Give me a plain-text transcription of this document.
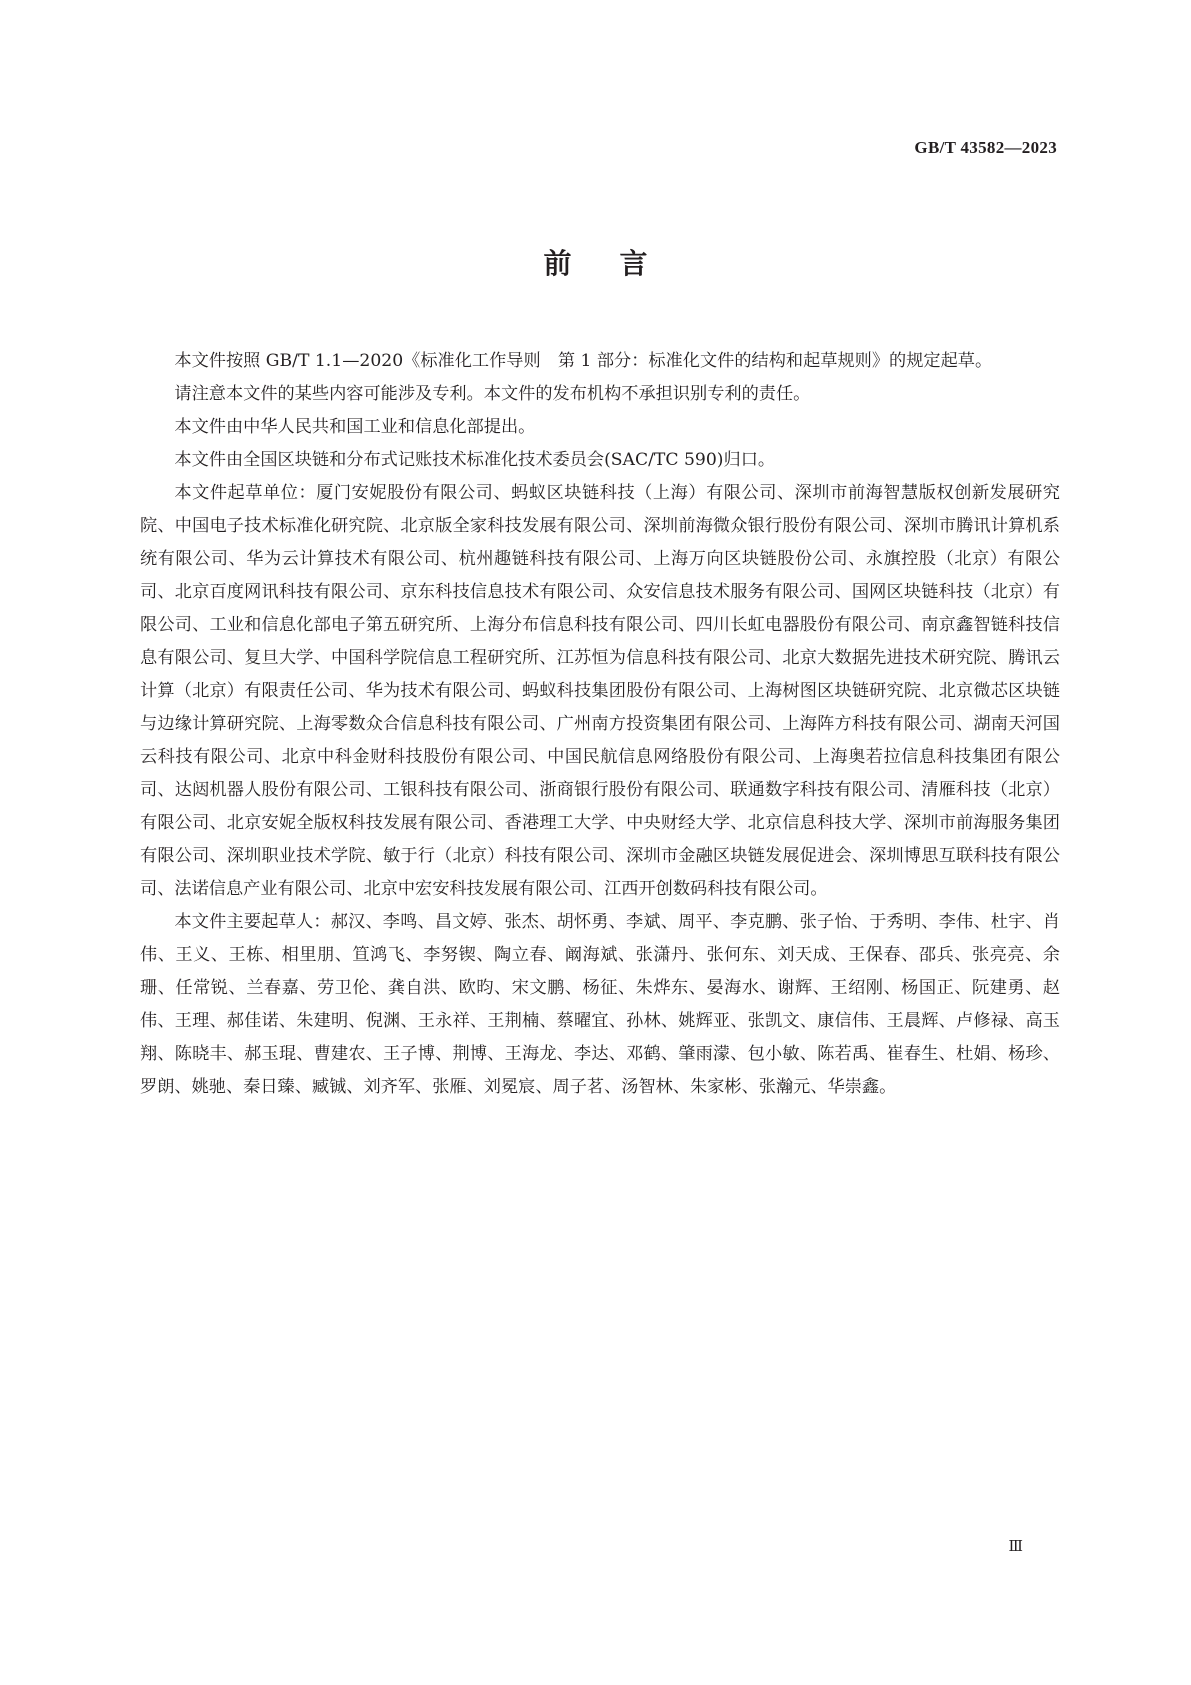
GB/T 43582—2023
前言

本文件按照 GB/T 1.1—2020《标准化工作导则　第 1 部分：标准化文件的结构和起草规则》的规定起草。

请注意本文件的某些内容可能涉及专利。本文件的发布机构不承担识别专利的责任。

本文件由中华人民共和国工业和信息化部提出。

本文件由全国区块链和分布式记账技术标准化技术委员会(SAC/TC 590)归口。

本文件起草单位：厦门安妮股份有限公司、蚂蚁区块链科技（上海）有限公司、深圳市前海智慧版权创新发展研究院、中国电子技术标准化研究院、北京版全家科技发展有限公司、深圳前海微众银行股份有限公司、深圳市腾讯计算机系统有限公司、华为云计算技术有限公司、杭州趣链科技有限公司、上海万向区块链股份公司、永旗控股（北京）有限公司、北京百度网讯科技有限公司、京东科技信息技术有限公司、众安信息技术服务有限公司、国网区块链科技（北京）有限公司、工业和信息化部电子第五研究所、上海分布信息科技有限公司、四川长虹电器股份有限公司、南京鑫智链科技信息有限公司、复旦大学、中国科学院信息工程研究所、江苏恒为信息科技有限公司、北京大数据先进技术研究院、腾讯云计算（北京）有限责任公司、华为技术有限公司、蚂蚁科技集团股份有限公司、上海树图区块链研究院、北京微芯区块链与边缘计算研究院、上海零数众合信息科技有限公司、广州南方投资集团有限公司、上海阵方科技有限公司、湖南天河国云科技有限公司、北京中科金财科技股份有限公司、中国民航信息网络股份有限公司、上海奥若拉信息科技集团有限公司、达闼机器人股份有限公司、工银科技有限公司、浙商银行股份有限公司、联通数字科技有限公司、清雁科技（北京）有限公司、北京安妮全版权科技发展有限公司、香港理工大学、中央财经大学、北京信息科技大学、深圳市前海服务集团有限公司、深圳职业技术学院、敏于行（北京）科技有限公司、深圳市金融区块链发展促进会、深圳博思互联科技有限公司、法诺信息产业有限公司、北京中宏安科技发展有限公司、江西开创数码科技有限公司。

本文件主要起草人：郝汉、李鸣、昌文婷、张杰、胡怀勇、李斌、周平、李克鹏、张子怡、于秀明、李伟、杜宇、肖伟、王义、王栋、相里朋、笪鸿飞、李努锲、陶立春、阚海斌、张潇丹、张何东、刘天成、王保春、邵兵、张亮亮、余珊、任常锐、兰春嘉、劳卫伦、龚自洪、欧昀、宋文鹏、杨征、朱烨东、晏海水、谢辉、王绍刚、杨国正、阮建勇、赵伟、王理、郝佳诺、朱建明、倪渊、王永祥、王荆楠、蔡曜宜、孙林、姚辉亚、张凯文、康信伟、王晨辉、卢修禄、高玉翔、陈晓丰、郝玉琨、曹建农、王子博、荆博、王海龙、李达、邓鹤、肇雨濛、包小敏、陈若禹、崔春生、杜娟、杨珍、罗朗、姚驰、秦日臻、臧铖、刘齐军、张雁、刘冕宸、周子茗、汤智林、朱家彬、张瀚元、华崇鑫。

Ⅲ
